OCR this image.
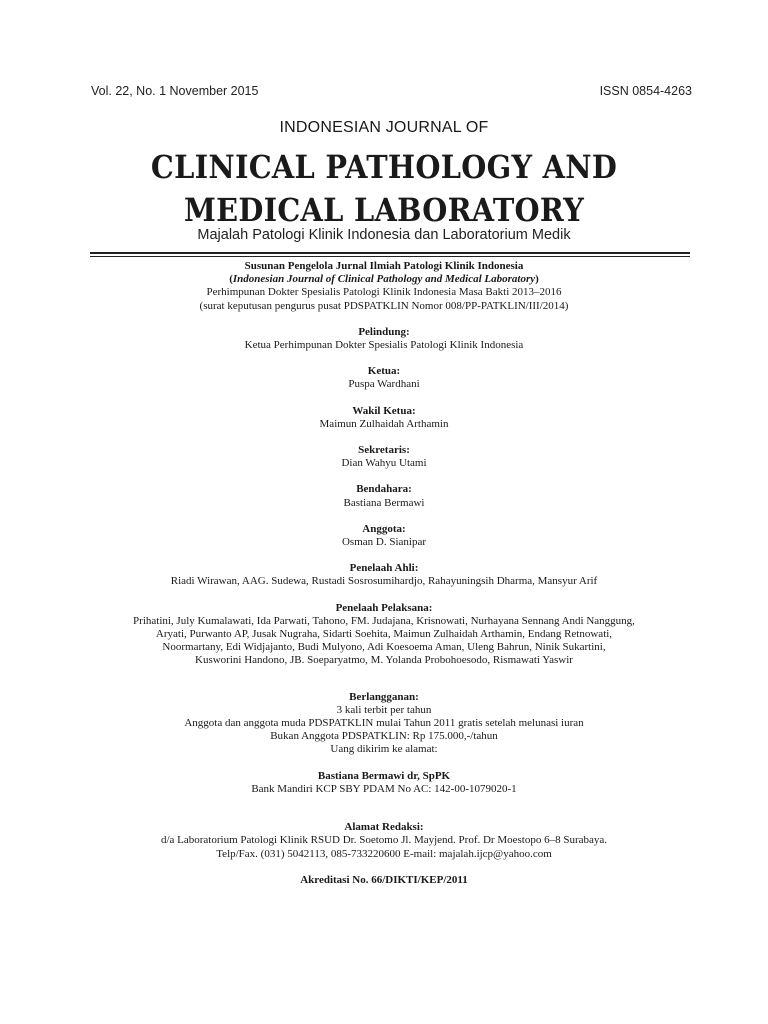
Vol. 22, No. 1 November 2015	ISSN 0854-4263
INDONESIAN JOURNAL OF
CLINICAL PATHOLOGY AND
MEDICAL LABORATORY
Majalah Patologi Klinik Indonesia dan Laboratorium Medik

Susunan Pengelola Jurnal Ilmiah Patologi Klinik Indonesia

(Indonesian Journal of Clinical Pathology and Medical Laboratory)

Perhimpunan Dokter Spesialis Patologi Klinik Indonesia Masa Bakti 2013–2016

(surat keputusan pengurus pusat PDSPATKLIN Nomor 008/PP-PATKLIN/III/2014)

Pelindung:

Ketua Perhimpunan Dokter Spesialis Patologi Klinik Indonesia

Ketua:

Puspa Wardhani

Wakil Ketua:

Maimun Zulhaidah Arthamin

Sekretaris:

Dian Wahyu Utami

Bendahara:

Bastiana Bermawi

Anggota:

Osman D. Sianipar

Penelaah Ahli:

Riadi Wirawan, AAG. Sudewa, Rustadi Sosrosumihardjo, Rahayuningsih Dharma, Mansyur Arif

Penelaah Pelaksana:

Prihatini, July Kumalawati, Ida Parwati, Tahono, FM. Judajana, Krisnowati, Nurhayana Sennang Andi Nanggung,

Aryati, Purwanto AP, Jusak Nugraha, Sidarti Soehita, Maimun Zulhaidah Arthamin, Endang Retnowati,

Noormartany, Edi Widjajanto, Budi Mulyono, Adi Koesoema Aman, Uleng Bahrun, Ninik Sukartini,

Kusworini Handono, JB. Soeparyatmo, M. Yolanda Probohoesodo, Rismawati Yaswir

Berlangganan:

3 kali terbit per tahun

Anggota dan anggota muda PDSPATKLIN mulai Tahun 2011 gratis setelah melunasi iuran

Bukan Anggota PDSPATKLIN: Rp 175.000,-/tahun

Uang dikirim ke alamat:

Bastiana Bermawi dr, SpPK

Bank Mandiri KCP SBY PDAM No AC: 142-00-1079020-1

Alamat Redaksi:

d/a Laboratorium Patologi Klinik RSUD Dr. Soetomo Jl. Mayjend. Prof. Dr Moestopo 6–8 Surabaya.

Telp/Fax. (031) 5042113, 085-733220600 E-mail: majalah.ijcp@yahoo.com

Akreditasi No. 66/DIKTI/KEP/2011
